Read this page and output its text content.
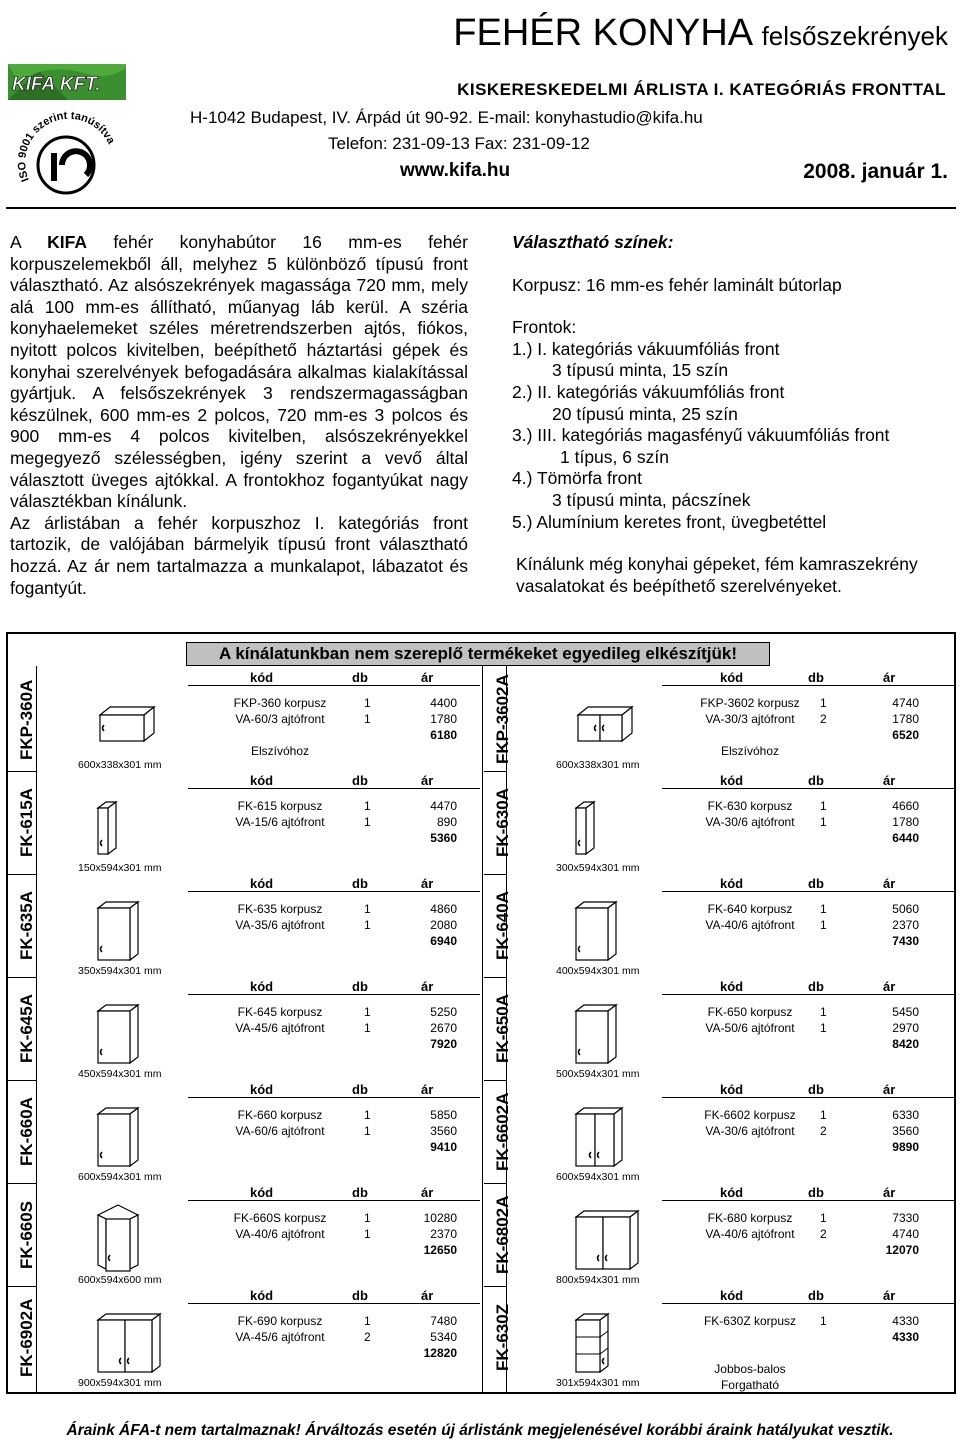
KIFA KFT.
ISO 9001 szerint tanúsítva
FEHÉR KONYHA felsőszekrények
KISKERESKEDELMI ÁRLISTA I. KATEGÓRIÁS FRONTTAL
H-1042 Budapest, IV. Árpád út 90-92. E-mail: konyhastudio@kifa.hu
Telefon: 231-09-13 Fax: 231-09-12
www.kifa.hu	2008. január 1.
A KIFA fehér konyhabútor 16 mm-es fehér korpuszelemekből áll, melyhez 5 különböző típusú front választható. Az alsószekrények magassága 720 mm, mely alá 100 mm-es állítható, műanyag láb kerül. A széria konyhaelemeket széles méretrendszerben ajtós, fiókos, nyitott polcos kivitelben, beépíthető háztartási gépek és konyhai szerelvények befogadására alkalmas kialakítással gyártjuk. A felsőszekrények 3 rendszermagasságban készülnek, 600 mm-es 2 polcos, 720 mm-es 3 polcos és 900 mm-es 4 polcos kivitelben, alsószekrényekkel megegyező szélességben, igény szerint a vevő által választott üveges ajtókkal. A frontokhoz fogantyúkat nagy választékban kínálunk.
Az árlistában a fehér korpuszhoz I. kategóriás front tartozik, de valójában bármelyik típusú front választható hozzá. Az ár nem tartalmazza a munkalapot, lábazatot és fogantyút.

Választható színek:

Korpusz: 16 mm-es fehér laminált bútorlap

Frontok:

1.) I. kategóriás vákuumfóliás front

3 típusú minta, 15 szín

2.) II. kategóriás vákuumfóliás front

20 típusú minta, 25 szín

3.) III. kategóriás magasfényű vákuumfóliás front

1 típus, 6 szín

4.) Tömörfa front

3 típusú minta, pácszínek

5.) Alumínium keretes front, üvegbetéttel

Kínálunk még konyhai gépeket, fém kamraszekrény vasalatokat és beépíthető szerelvényeket.

A kínálatunkban nem szereplő termékeket egyedileg elkészítjük!
FKP-360A
kód	db	ár
600x338x301 mm
FKP-360 korpusz	1	4400
VA-60/3 ajtófront	1	1780
6180
Elszívóhoz
FK-615A
kód	db	ár
150x594x301 mm
FK-615 korpusz	1	4470
VA-15/6 ajtófront	1	890
5360
FK-635A
kód	db	ár
350x594x301 mm
FK-635 korpusz	1	4860
VA-35/6 ajtófront	1	2080
6940
FK-645A
kód	db	ár
450x594x301 mm
FK-645 korpusz	1	5250
VA-45/6 ajtófront	1	2670
7920
FK-660A
kód	db	ár
600x594x301 mm
FK-660 korpusz	1	5850
VA-60/6 ajtófront	1	3560
9410
FK-660S
kód	db	ár
600x594x600 mm
FK-660S korpusz	1	10280
VA-40/6 ajtófront	1	2370
12650
FK-6902A
kód	db	ár
900x594x301 mm
FK-690 korpusz	1	7480
VA-45/6 ajtófront	2	5340
12820
FKP-3602A	kód	db	ár
600x338x301 mm
FKP-3602 korpusz	1	4740
VA-30/3 ajtófront	2	1780
6520
Elszívóhoz
FK-630A
kód	db	ár
300x594x301 mm
FK-630 korpusz	1	4660
VA-30/6 ajtófront	1	1780
6440
FK-640A
kód	db	ár
400x594x301 mm
FK-640 korpusz	1	5060
VA-40/6 ajtófront	1	2370
7430
FK-650A
kód	db	ár
500x594x301 mm
FK-650 korpusz	1	5450
VA-50/6 ajtófront	1	2970
8420
FK-6602A
kód	db	ár
600x594x301 mm
FK-6602 korpusz	1	6330
VA-30/6 ajtófront	2	3560
9890
FK-6802A
kód	db	ár
800x594x301 mm
FK-680 korpusz	1	7330
VA-40/6 ajtófront	2	4740
12070
FK-630Z
kód	db	ár
301x594x301 mm
FK-630Z korpusz	1	4330
4330
Jobbos-balos
Forgatható
Áraink ÁFA-t nem tartalmaznak! Árváltozás esetén új árlistánk megjelenésével korábbi áraink hatályukat vesztik.
